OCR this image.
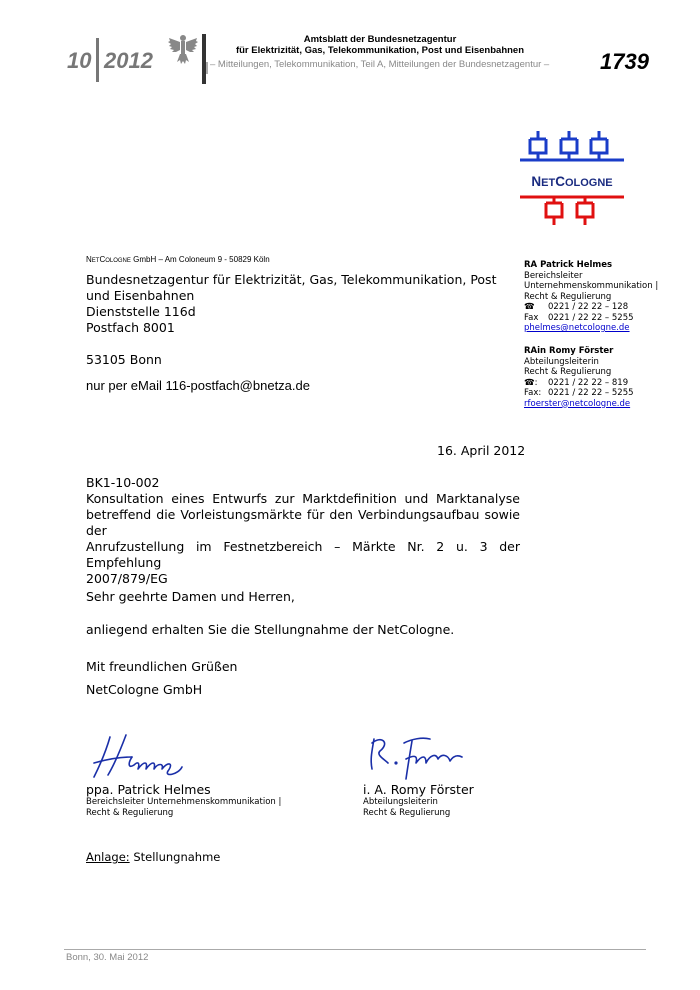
10 2012
Amtsblatt der Bundesnetzagentur
für Elektrizität, Gas, Telekommunikation, Post und Eisenbahnen
– Mitteilungen, Telekommunikation, Teil A, Mitteilungen der Bundesnetzagentur – 1739
NETCOLOGNE
NetCologne GmbH – Am Coloneum 9 - 50829 Köln
Bundesnetzagentur für Elektrizität, Gas, Telekommunikation, Post
und Eisenbahnen
Dienststelle 116d
Postfach 8001
53105 Bonn
nur per eMail 116-postfach@bnetza.de
RA Patrick Helmes
Bereichsleiter
Unternehmenskommunikation |
Recht & Regulierung
☎ 0221 / 22 22 – 128
Fax 0221 / 22 22 – 5255
phelmes@netcologne.de
RAin Romy Förster
Abteilungsleiterin
Recht & Regulierung
☎: 0221 / 22 22 – 819
Fax: 0221 / 22 22 – 5255
rfoerster@netcologne.de
16. April 2012
BK1-10-002
Konsultation eines Entwurfs zur Marktdefinition und Marktanalyse
betreffend die Vorleistungsmärkte für den Verbindungsaufbau sowie der
Anrufzustellung im Festnetzbereich – Märkte Nr. 2 u. 3 der Empfehlung
2007/879/EG
Sehr geehrte Damen und Herren,
anliegend erhalten Sie die Stellungnahme der NetCologne.
Mit freundlichen Grüßen
NetCologne GmbH
ppa. Patrick Helmes
Bereichsleiter Unternehmenskommunikation |
Recht & Regulierung
i. A. Romy Förster
Abteilungsleiterin
Recht & Regulierung
Anlage: Stellungnahme
Bonn, 30. Mai 2012
